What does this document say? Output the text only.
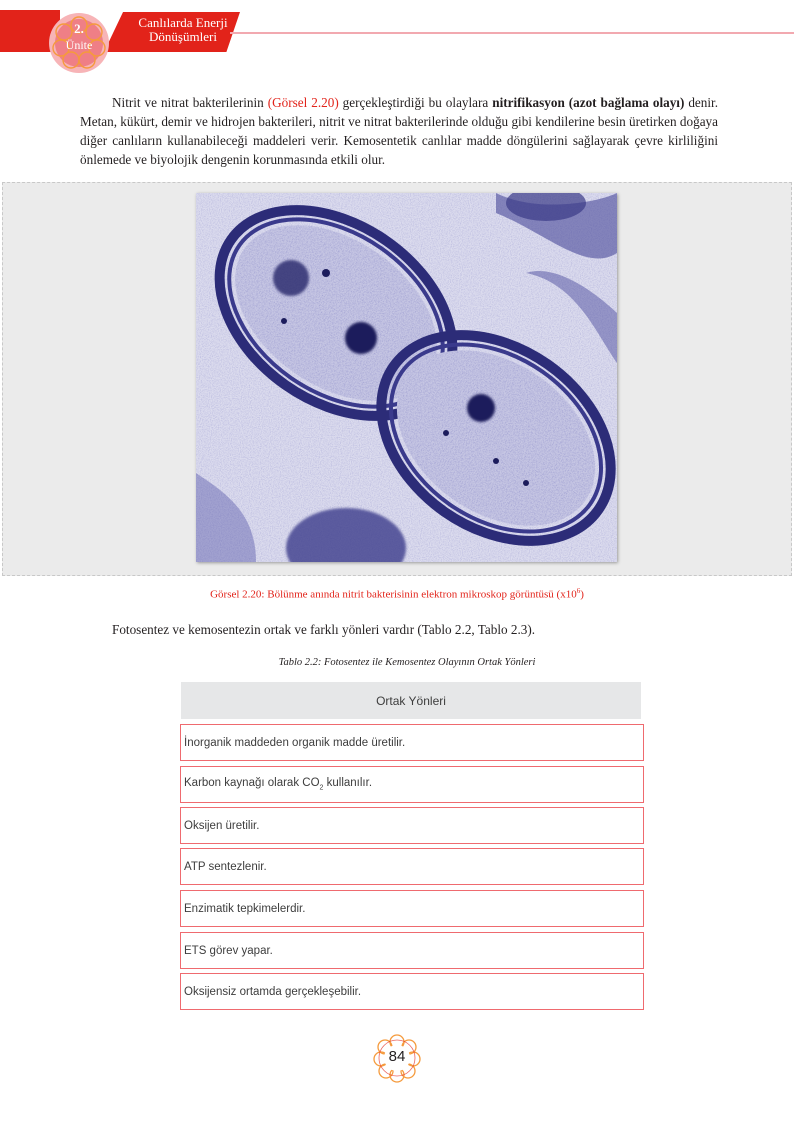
2.
Ünite
Canlılarda Enerji
Dönüşümleri

Nitrit ve nitrat bakterilerinin (Görsel 2.20) gerçekleştirdiği bu olaylara nitrifikasyon (azot bağlama olayı) denir. Metan, kükürt, demir ve hidrojen bakterileri, nitrit ve nitrat bakterilerinde olduğu gibi kendilerine besin üretirken doğaya diğer canlıların kullanabileceği maddeleri verir. Kemosentetik canlılar madde döngülerini sağlayarak çevre kirliliğini önlemede ve biyolojik dengenin korunmasında etkili olur.

Görsel 2.20: Bölünme anında nitrit bakterisinin elektron mikroskop görüntüsü $(x10^6)$

Fotosentez ve kemosentezin ortak ve farklı yönleri vardır (Tablo 2.2, Tablo 2.3).

Tablo 2.2: Fotosentez ile Kemosentez Olayının Ortak Yönleri
Ortak Yönleri
İnorganik maddeden organik madde üretilir.
Karbon kaynağı olarak $CO_2$ kullanılır.
Oksijen üretilir.
ATP sentezlenir.
Enzimatik tepkimelerdir.
ETS görev yapar.
Oksijensiz ortamda gerçekleşebilir.
84
